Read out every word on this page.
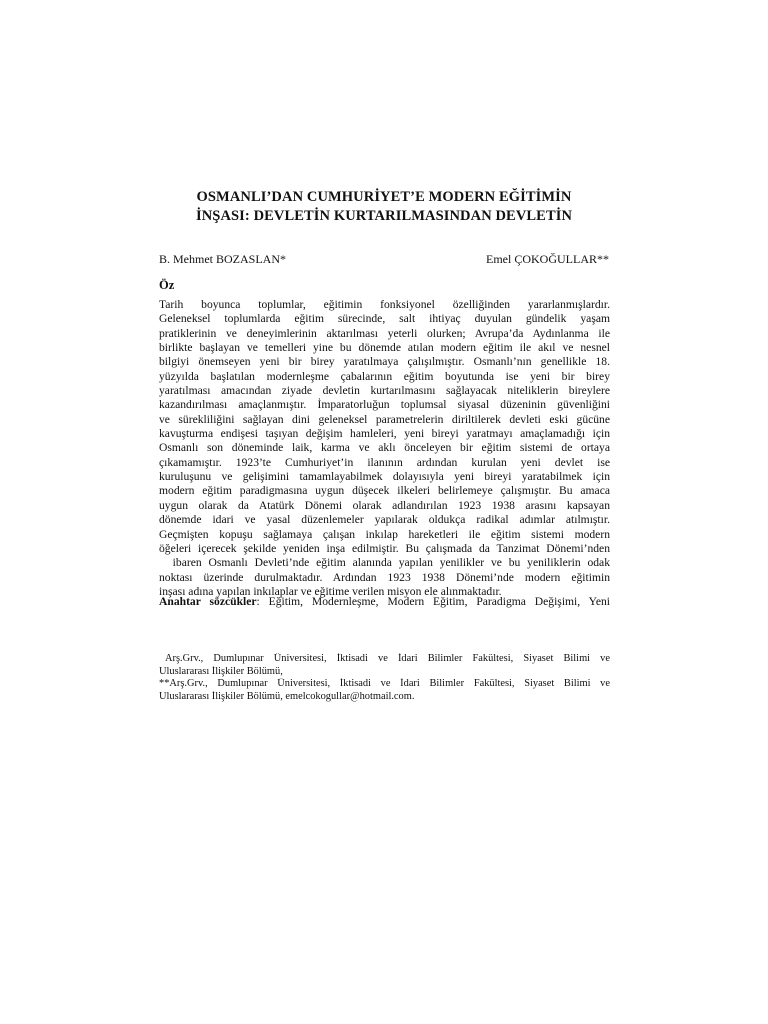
OSMANLI’DAN CUMHURİYET’E MODERN EĞİTİMİN
İNŞASI: DEVLETİN KURTARILMASINDAN DEVLETİN
B. Mehmet BOZASLAN*	Emel ÇOKOĞULLAR**
Öz
Tarih boyunca toplumlar, eğitimin fonksiyonel özelliğinden yararlanmışlardır.
Geleneksel toplumlarda eğitim sürecinde, salt ihtiyaç duyulan gündelik yaşam
pratiklerinin ve deneyimlerinin aktarılması yeterli olurken; Avrupa’da Aydınlanma ile
birlikte başlayan ve temelleri yine bu dönemde atılan modern eğitim ile akıl ve nesnel
bilgiyi önemseyen yeni bir birey yaratılmaya çalışılmıştır. Osmanlı’nın genellikle 18.
yüzyılda başlatılan modernleşme çabalarının eğitim boyutunda ise yeni bir birey
yaratılması amacından ziyade devletin kurtarılmasını sağlayacak niteliklerin bireylere
kazandırılması amaçlanmıştır. İmparatorluğun toplumsal siyasal düzeninin güvenliğini
ve sürekliliğini sağlayan dini geleneksel parametrelerin diriltilerek devleti eski gücüne
kavuşturma endişesi taşıyan değişim hamleleri, yeni bireyi yaratmayı amaçlamadığı için
Osmanlı son döneminde laik, karma ve aklı önceleyen bir eğitim sistemi de ortaya
çıkamamıştır. 1923’te Cumhuriyet’in ilanının ardından kurulan yeni devlet ise
kuruluşunu ve gelişimini tamamlayabilmek dolayısıyla yeni bireyi yaratabilmek için
modern eğitim paradigmasına uygun düşecek ilkeleri belirlemeye çalışmıştır. Bu amaca
uygun olarak da Atatürk Dönemi olarak adlandırılan 1923 1938 arasını kapsayan
dönemde idari ve yasal düzenlemeler yapılarak oldukça radikal adımlar atılmıştır.
Geçmişten kopuşu sağlamaya çalışan inkılap hareketleri ile eğitim sistemi modern
öğeleri içerecek şekilde yeniden inşa edilmiştir. Bu çalışmada da Tanzimat Dönemi’nden
ibaren Osmanlı Devleti’nde eğitim alanında yapılan yenilikler ve bu yeniliklerin odak
noktası üzerinde durulmaktadır. Ardından 1923 1938 Dönemi’nde modern eğitimin
inşası adına yapılan inkılaplar ve eğitime verilen misyon ele alınmaktadır.
Anahtar sözcükler: Eğitim, Modernleşme, Modern Eğitim, Paradigma Değişimi, Yeni
Arş.Grv., Dumlupınar Üniversitesi, İktisadi ve İdari Bilimler Fakültesi, Siyaset Bilimi ve
Uluslararası İlişkiler Bölümü,
**Arş.Grv., Dumlupınar Üniversitesi, İktisadi ve İdari Bilimler Fakültesi, Siyaset Bilimi ve
Uluslararası İlişkiler Bölümü, emelcokogullar@hotmail.com.
